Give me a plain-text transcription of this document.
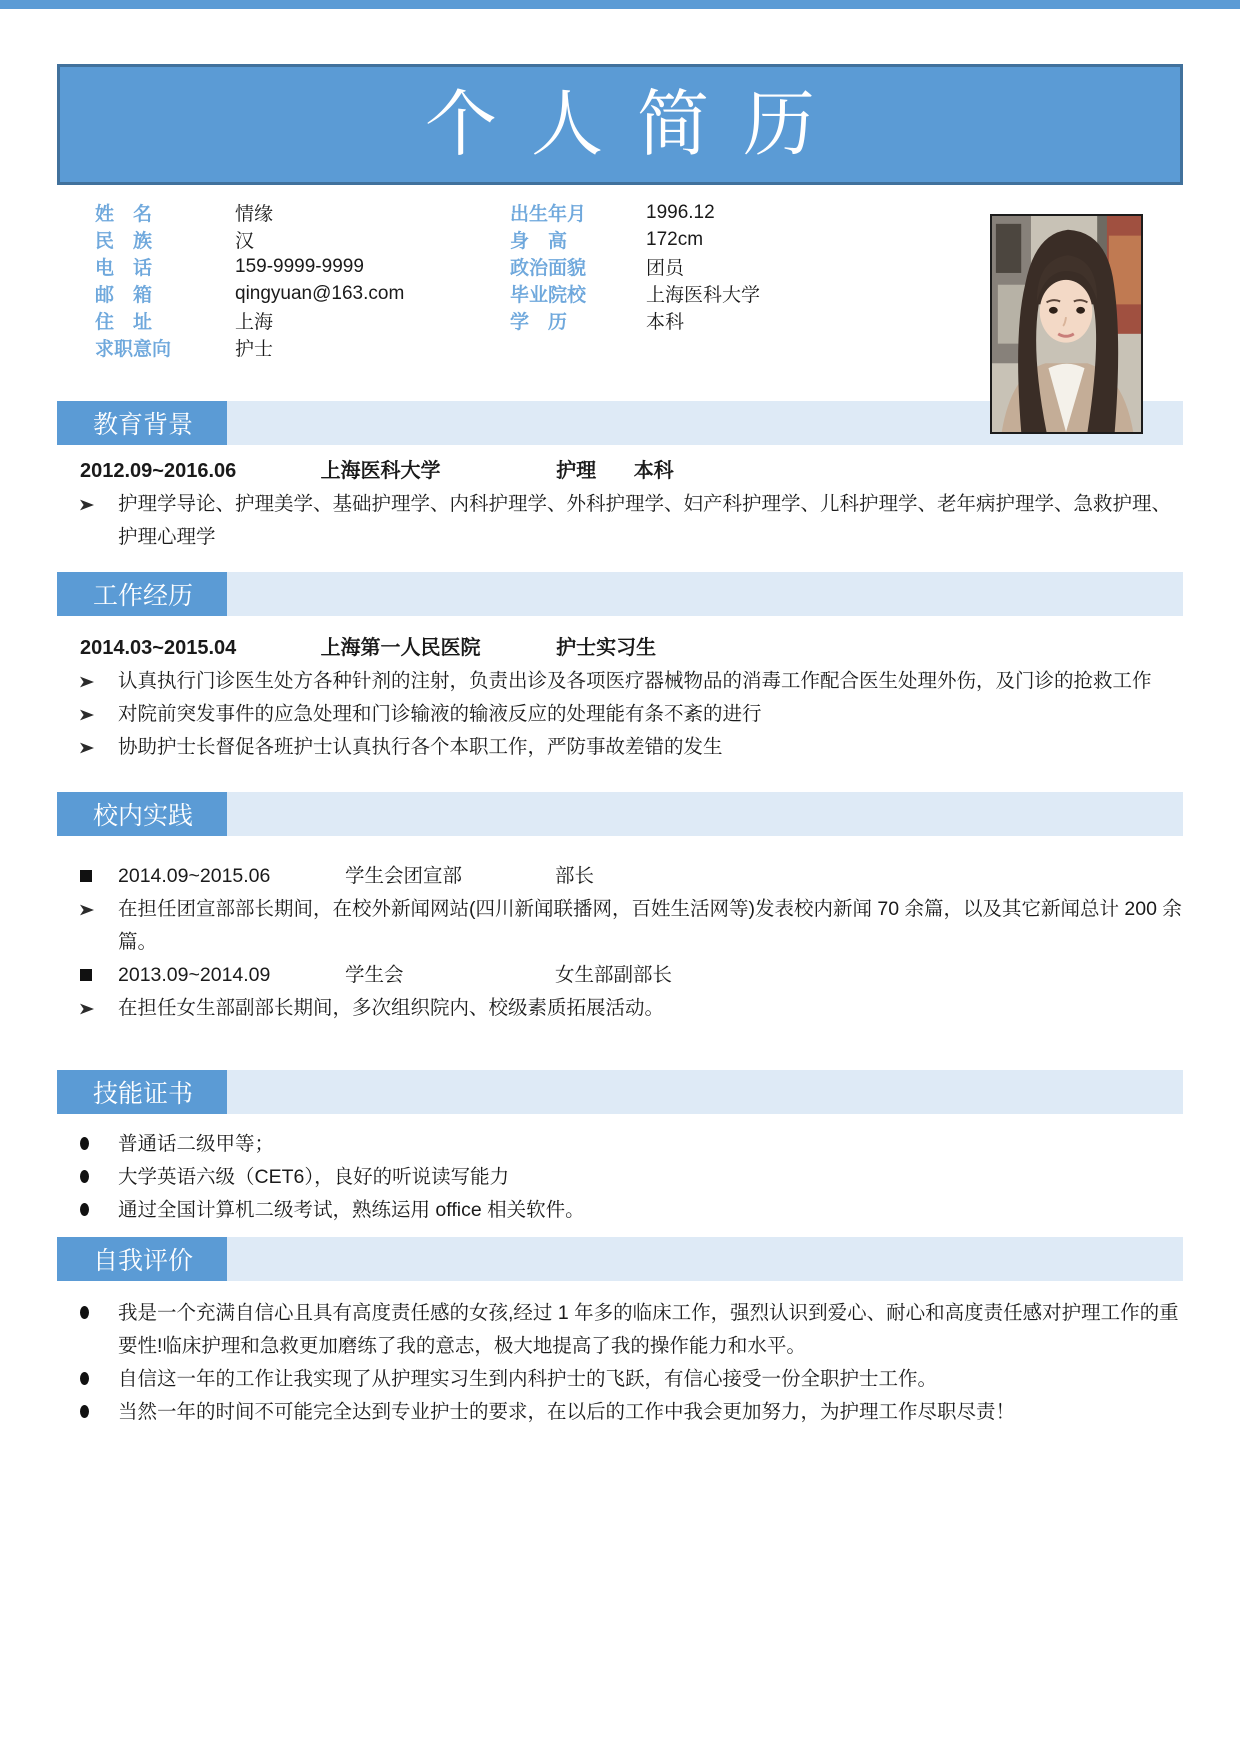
个人简历
姓　名	情缘
民　族	汉
电　话	159-9999-9999
邮　箱	qingyuan@163.com
住　址	上海
求职意向	护士
出生年月	1996.12
身　高	172cm
政治面貌	团员
毕业院校	上海医科大学
学　历	本科
教育背景

2012.09~2016.06	上海医科大学	护理 本科

护理学导论、护理美学、基础护理学、内科护理学、外科护理学、妇产科护理学、儿科护理学、老年病护理学、急救护理、护理心理学
工作经历

2014.03~2015.04	上海第一人民医院	护士实习生

认真执行门诊医生处方各种针剂的注射，负责出诊及各项医疗器械物品的消毒工作配合医生处理外伤，及门诊的抢救工作
对院前突发事件的应急处理和门诊输液的输液反应的处理能有条不紊的进行
协助护士长督促各班护士认真执行各个本职工作，严防事故差错的发生
校内实践
2014.09~2015.06	学生会团宣部	部长
在担任团宣部部长期间，在校外新闻网站(四川新闻联播网，百姓生活网等)发表校内新闻 70 余篇，以及其它新闻总计 200 余篇。
2013.09~2014.09	学生会	女生部副部长
在担任女生部副部长期间，多次组织院内、校级素质拓展活动。
技能证书
普通话二级甲等；
大学英语六级（CET6），良好的听说读写能力
通过全国计算机二级考试，熟练运用 office 相关软件。
自我评价
我是一个充满自信心且具有高度责任感的女孩,经过 1 年多的临床工作，强烈认识到爱心、耐心和高度责任感对护理工作的重要性!临床护理和急救更加磨练了我的意志，极大地提高了我的操作能力和水平。
自信这一年的工作让我实现了从护理实习生到内科护士的飞跃，有信心接受一份全职护士工作。
当然一年的时间不可能完全达到专业护士的要求，在以后的工作中我会更加努力，为护理工作尽职尽责！
